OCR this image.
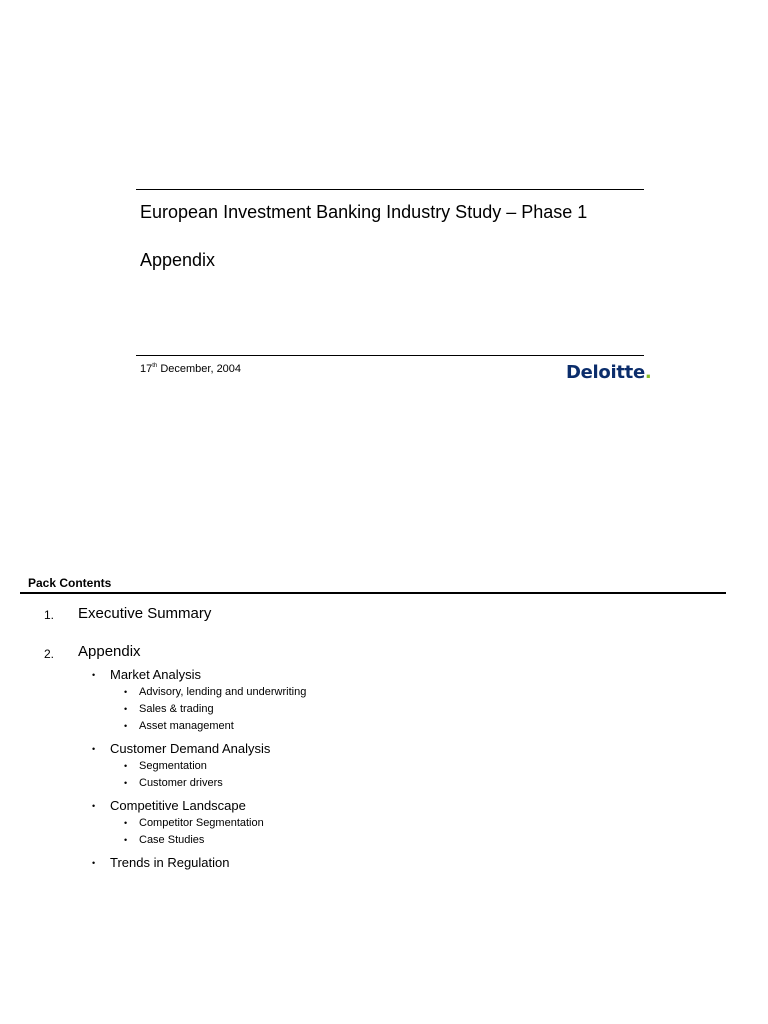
European Investment Banking Industry Study – Phase 1
Appendix
17th December, 2004	Deloitte.
Pack Contents
1. Executive Summary
2. Appendix
• Market Analysis
• Advisory, lending and underwriting
• Sales & trading
• Asset management
• Customer Demand Analysis
• Segmentation
• Customer drivers
• Competitive Landscape
• Competitor Segmentation
• Case Studies
• Trends in Regulation
